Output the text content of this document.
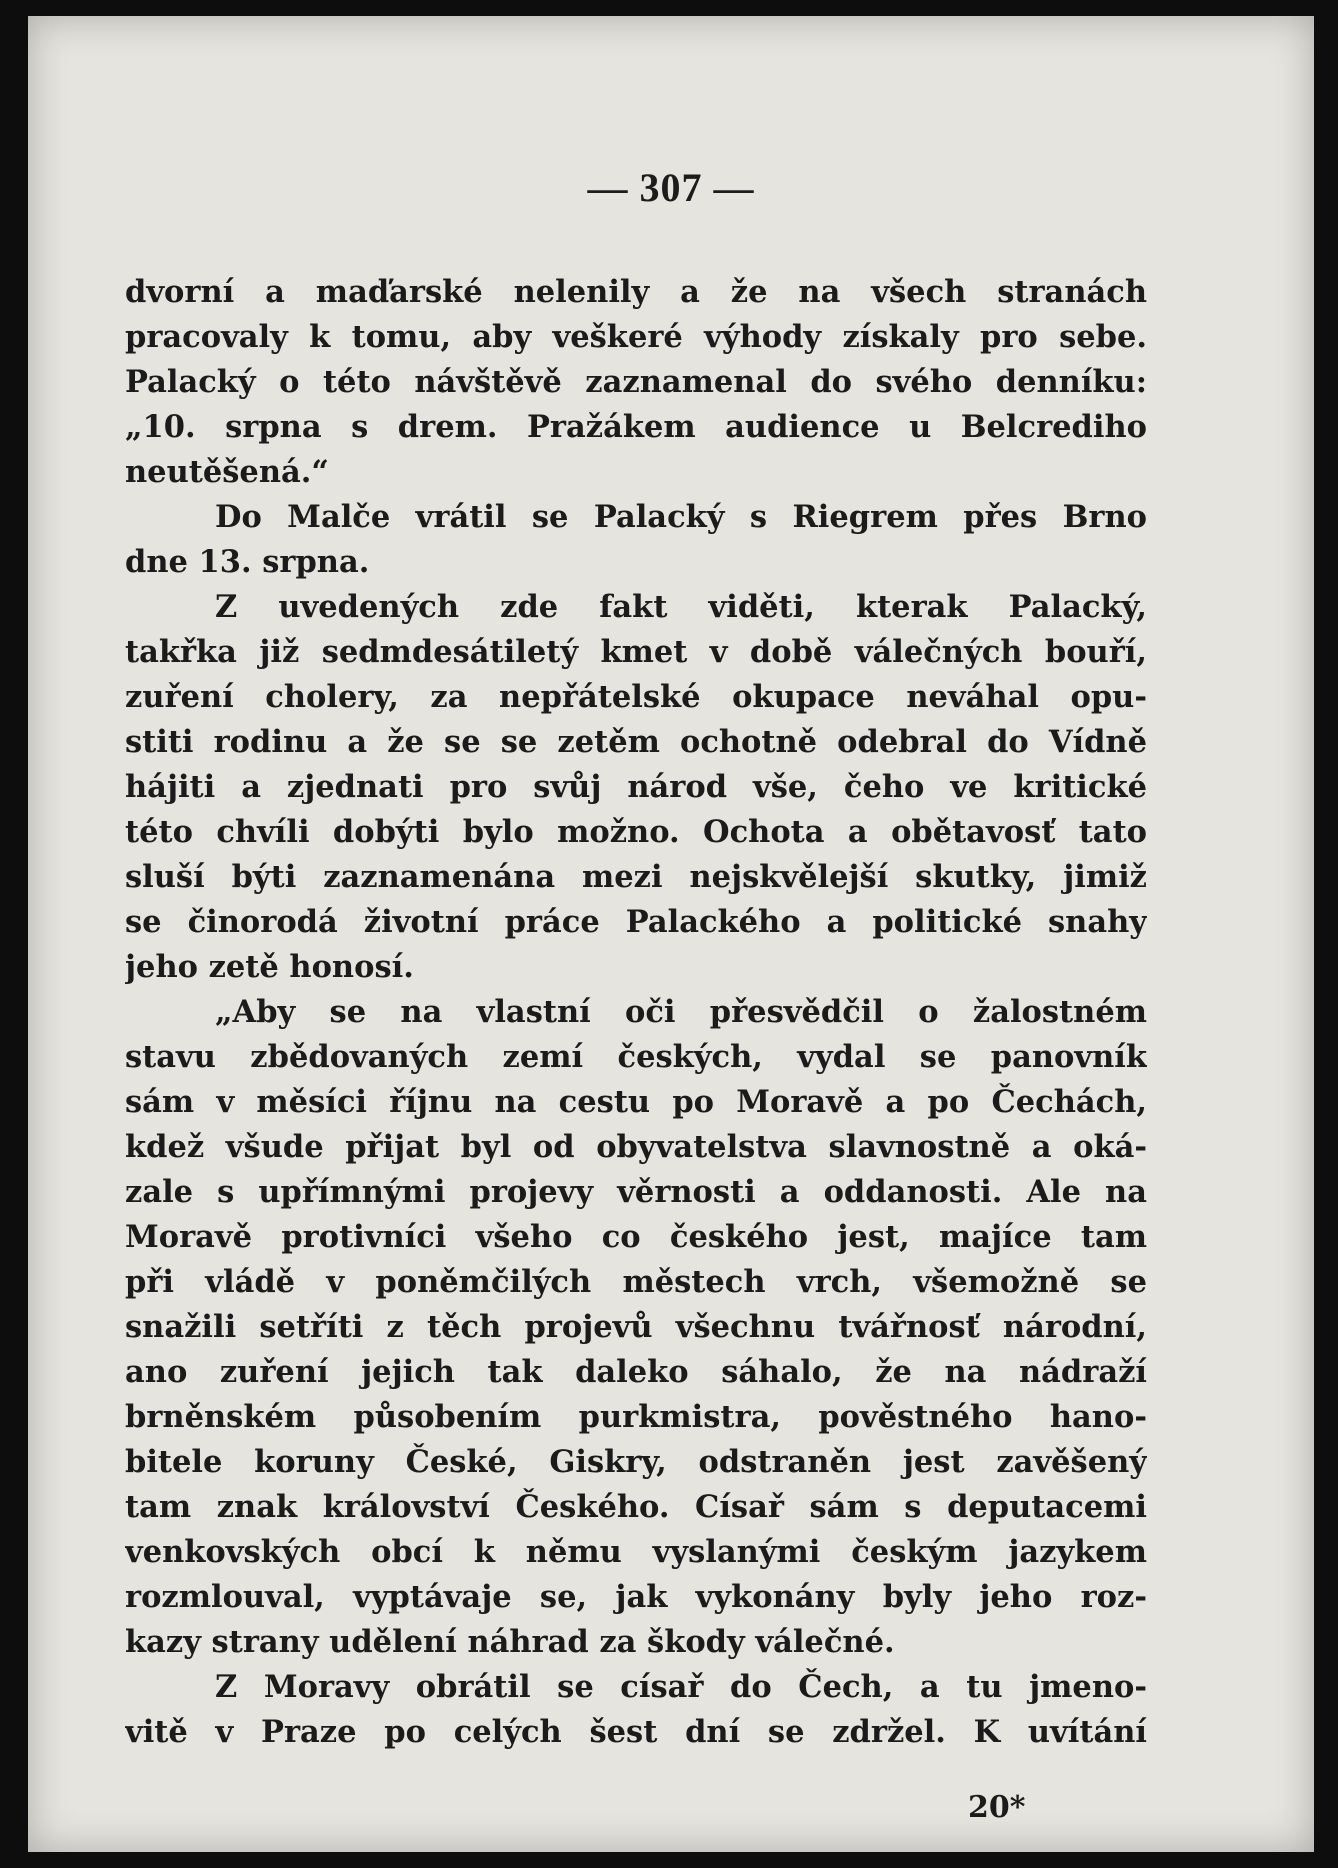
— 307 —
dvorní a maďarské nelenily a že na všech stranách
pracovaly k tomu, aby veškeré výhody získaly pro sebe.
Palacký o této návštěvě zaznamenal do svého denníku:
„10. srpna s drem. Pražákem audience u Belcrediho
neutěšená.“
Do Malče vrátil se Palacký s Riegrem přes Brno
dne 13. srpna.
Z uvedených zde fakt viděti, kterak Palacký,
takřka již sedmdesátiletý kmet v době válečných bouří,
zuření cholery, za nepřátelské okupace neváhal opu-
stiti rodinu a že se se zetěm ochotně odebral do Vídně
hájiti a zjednati pro svůj národ vše, čeho ve kritické
této chvíli dobýti bylo možno. Ochota a obětavosť tato
sluší býti zaznamenána mezi nejskvělejší skutky, jimiž
se činorodá životní práce Palackého a politické snahy
jeho zetě honosí.
„Aby se na vlastní oči přesvědčil o žalostném
stavu zbědovaných zemí českých, vydal se panovník
sám v měsíci říjnu na cestu po Moravě a po Čechách,
kdež všude přijat byl od obyvatelstva slavnostně a oká-
zale s upřímnými projevy věrnosti a oddanosti. Ale na
Moravě protivníci všeho co českého jest, majíce tam
při vládě v poněmčilých městech vrch, všemožně se
snažili setříti z těch projevů všechnu tvářnosť národní,
ano zuření jejich tak daleko sáhalo, že na nádraží
brněnském působením purkmistra, pověstného hano-
bitele koruny České, Giskry, odstraněn jest zavěšený
tam znak království Českého. Císař sám s deputacemi
venkovských obcí k němu vyslanými českým jazykem
rozmlouval, vyptávaje se, jak vykonány byly jeho roz-
kazy strany udělení náhrad za škody válečné.
Z Moravy obrátil se císař do Čech, a tu jmeno-
vitě v Praze po celých šest dní se zdržel. K uvítání
20*
